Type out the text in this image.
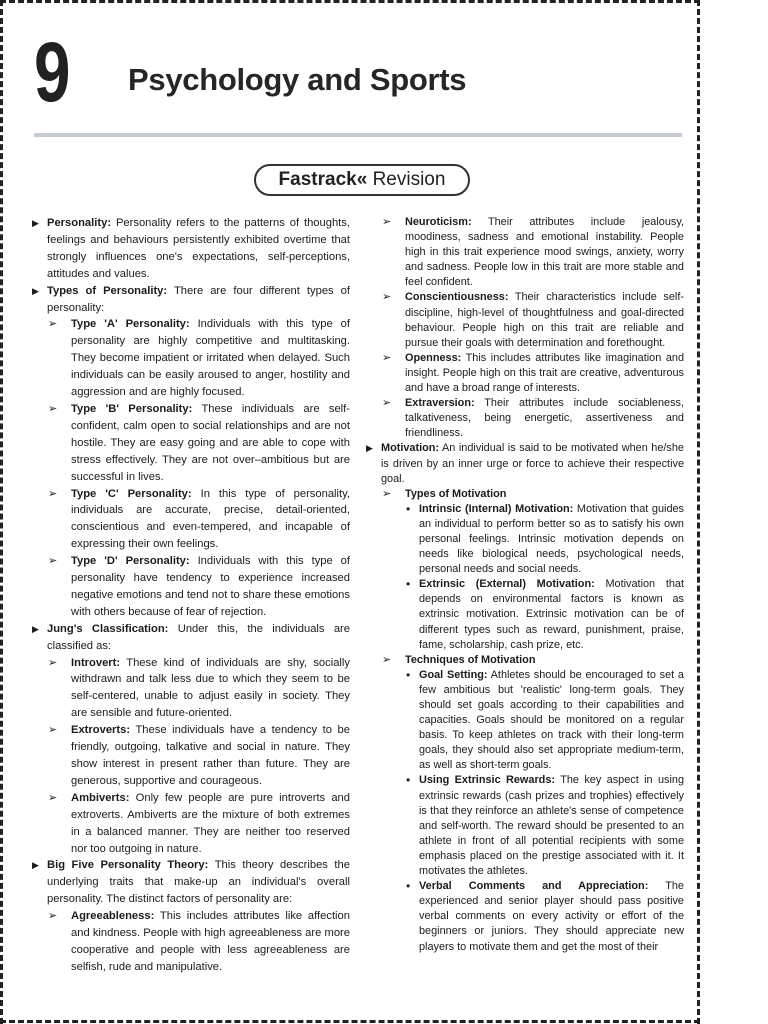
9 Psychology and Sports
Fastrack« Revision
▶ Personality: Personality refers to the patterns of thoughts, feelings and behaviours persistently exhibited overtime that strongly influences one's expectations, self-perceptions, attitudes and values.
▶ Types of Personality: There are four different types of personality:
➢ Type 'A' Personality: Individuals with this type of personality are highly competitive and multitasking. They become impatient or irritated when delayed. Such individuals can be easily aroused to anger, hostility and aggression and are highly focused.
➢ Type 'B' Personality: These individuals are self-confident, calm open to social relationships and are not hostile. They are easy going and are able to cope with stress effectively. They are not over–ambitious but are successful in lives.
➢ Type 'C' Personality: In this type of personality, individuals are accurate, precise, detail-oriented, conscientious and even-tempered, and incapable of expressing their own feelings.
➢ Type 'D' Personality: Individuals with this type of personality have tendency to experience increased negative emotions and tend not to share these emotions with others because of fear of rejection.
▶ Jung's Classification: Under this, the individuals are classified as:
➢ Introvert: These kind of individuals are shy, socially withdrawn and talk less due to which they seem to be self-centered, unable to adjust easily in society. They are sensible and future-oriented.
➢ Extroverts: These individuals have a tendency to be friendly, outgoing, talkative and social in nature. They show interest in present rather than future. They are generous, supportive and courageous.
➢ Ambiverts: Only few people are pure introverts and extroverts. Ambiverts are the mixture of both extremes in a balanced manner. They are neither too reserved nor too outgoing in nature.
▶ Big Five Personality Theory: This theory describes the underlying traits that make-up an individual's overall personality. The distinct factors of personality are:
➢ Agreeableness: This includes attributes like affection and kindness. People with high agreeableness are more cooperative and people with less agreeableness are selfish, rude and manipulative.
➢ Neuroticism: Their attributes include jealousy, moodiness, sadness and emotional instability. People high in this trait experience mood swings, anxiety, worry and sadness. People low in this trait are more stable and feel confident.
➢ Conscientiousness: Their characteristics include self-discipline, high-level of thoughtfulness and goal-directed behaviour. People high on this trait are reliable and pursue their goals with determination and forethought.
➢ Openness: This includes attributes like imagination and insight. People high on this trait are creative, adventurous and have a broad range of interests.
➢ Extraversion: Their attributes include sociableness, talkativeness, being energetic, assertiveness and friendliness.
▶ Motivation: An individual is said to be motivated when he/she is driven by an inner urge or force to achieve their respective goal.
➢ Types of Motivation
• Intrinsic (Internal) Motivation: Motivation that guides an individual to perform better so as to satisfy his own personal feelings. Intrinsic motivation depends on needs like biological needs, psychological needs, personal needs and social needs.
• Extrinsic (External) Motivation: Motivation that depends on environmental factors is known as extrinsic motivation. Extrinsic motivation can be of different types such as reward, punishment, praise, fame, scholarship, cash prize, etc.
➢ Techniques of Motivation
• Goal Setting: Athletes should be encouraged to set a few ambitious but 'realistic' long-term goals. They should set goals according to their capabilities and capacities. Goals should be monitored on a regular basis. To keep athletes on track with their long-term goals, they should also set appropriate medium-term, as well as short-term goals.
• Using Extrinsic Rewards: The key aspect in using extrinsic rewards (cash prizes and trophies) effectively is that they reinforce an athlete's sense of competence and self-worth. The reward should be presented to an athlete in front of all potential recipients with some emphasis placed on the prestige associated with it. It motivates the athletes.
• Verbal Comments and Appreciation: The experienced and senior player should pass positive verbal comments on every activity or effort of the beginners or juniors. They should appreciate new players to motivate them and get the most of their
